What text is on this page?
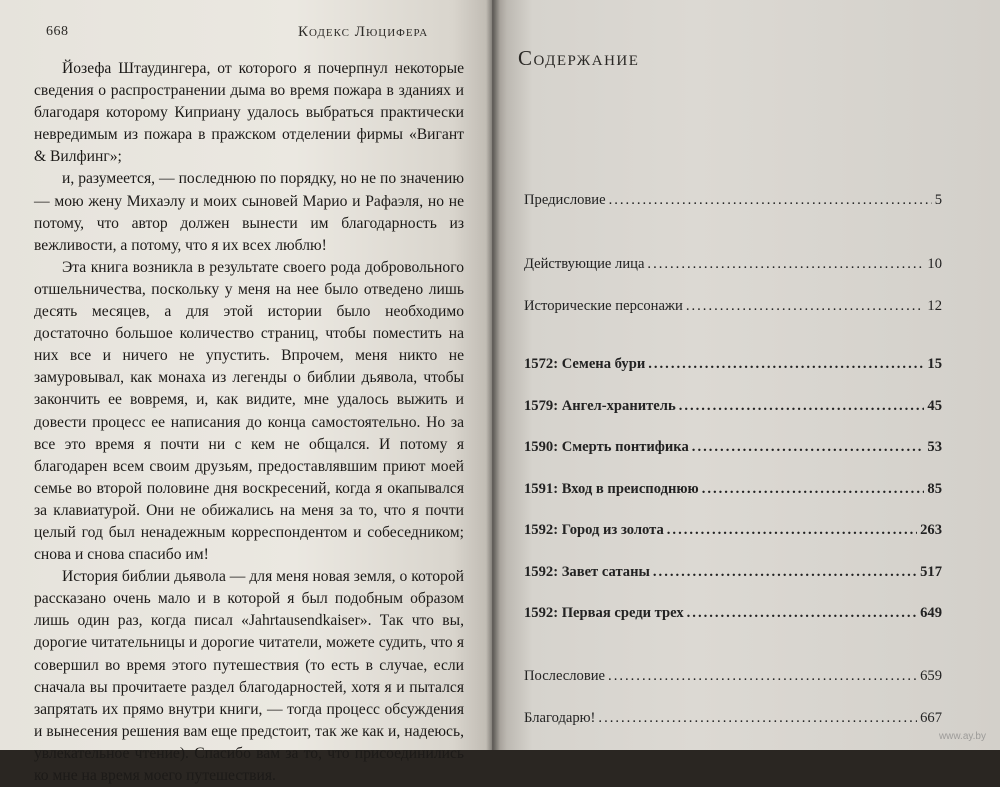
668	Кодекс Люцифера

Йозефа Штаудингера, от которого я почерпнул некоторые сведения о распространении дыма во время пожара в зданиях и благодаря которому Киприану удалось выбраться практически невредимым из пожара в пражском отделении фирмы «Вигант & Вилфинг»;

и, разумеется, — последнюю по порядку, но не по значению — мою жену Михаэлу и моих сыновей Марио и Рафаэля, но не потому, что автор должен вынести им благодарность из вежливости, а потому, что я их всех люблю!

Эта книга возникла в результате своего рода добровольного отшельничества, поскольку у меня на нее было отведено лишь десять месяцев, а для этой истории было необходимо достаточно большое количество страниц, чтобы поместить на них все и ничего не упустить. Впрочем, меня никто не замуровывал, как монаха из легенды о библии дьявола, чтобы закончить ее вовремя, и, как видите, мне удалось выжить и довести процесс ее написания до конца самостоятельно. Но за все это время я почти ни с кем не общался. И потому я благодарен всем своим друзьям, предоставлявшим приют моей семье во второй половине дня воскресений, когда я окапывался за клавиатурой. Они не обижались на меня за то, что я почти целый год был ненадежным корреспондентом и собеседником; снова и снова спасибо им!

История библии дьявола — для меня новая земля, о которой рассказано очень мало и в которой я был подобным образом лишь один раз, когда писал «Jahrtausendkaiser». Так что вы, дорогие читательницы и дорогие читатели, можете судить, что я совершил во время этого путешествия (то есть в случае, если сначала вы прочитаете раздел благодарностей, хотя я и пытался запрятать их прямо внутри книги, — тогда процесс обсуждения и вынесения решения вам еще предстоит, так же как и, надеюсь, увлекательное чтение). Спасибо вам за то, что присоединились ко мне на время моего путешествия.

Содержание
Предисловие .....	5
Действующие лица .....	10
Исторические персонажи .....	12
1572: Семена бури .....	15
1579: Ангел-хранитель .....	45
1590: Смерть понтифика .....	53
1591: Вход в преисподнюю .....	85
1592: Город из золота .....	263
1592: Завет сатаны .....	517
1592: Первая среди трех .....	649
Послесловие .....	659
Благодарю! .....	667
www.ay.by
